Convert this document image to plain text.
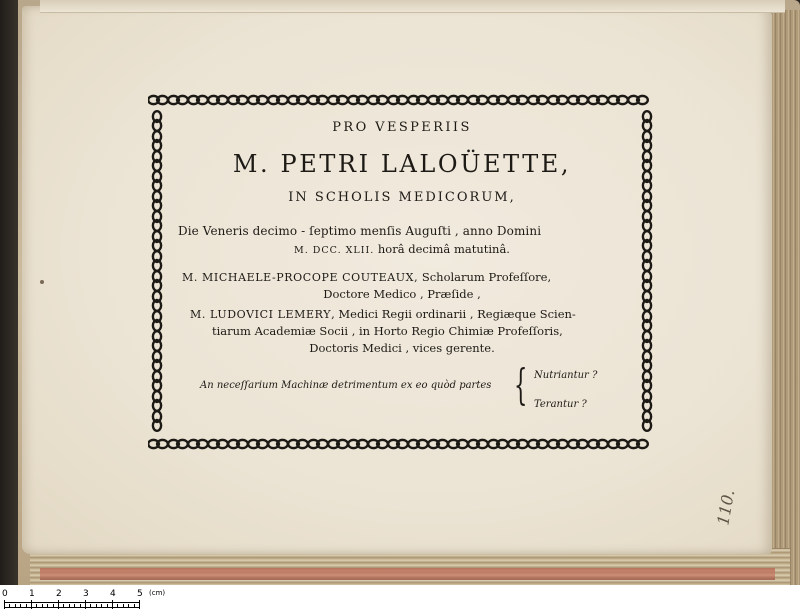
PRO VESPERIIS
M. PETRI LALOÜETTE,
IN SCHOLIS MEDICORUM,
Die Veneris decimo - ſeptimo menſis Auguſti , anno Domini
M. DCC. XLII. horâ decimâ matutinâ.
M. MICHAELE-PROCOPE COUTEAUX, Scholarum Profeſſore,
Doctore Medico , Præſide ,
M. LUDOVICI LEMERY, Medici Regii ordinarii , Regiæque Scien-
tiarum Academiæ Socii , in Horto Regio Chimiæ Profeſſoris,
Doctoris Medici , vices gerente.
An neceſſarium Machinæ detrimentum ex eo quòd partes { Nutriantur ?
Terantur ?
110.
0 1 2 3 4 5 (cm)
